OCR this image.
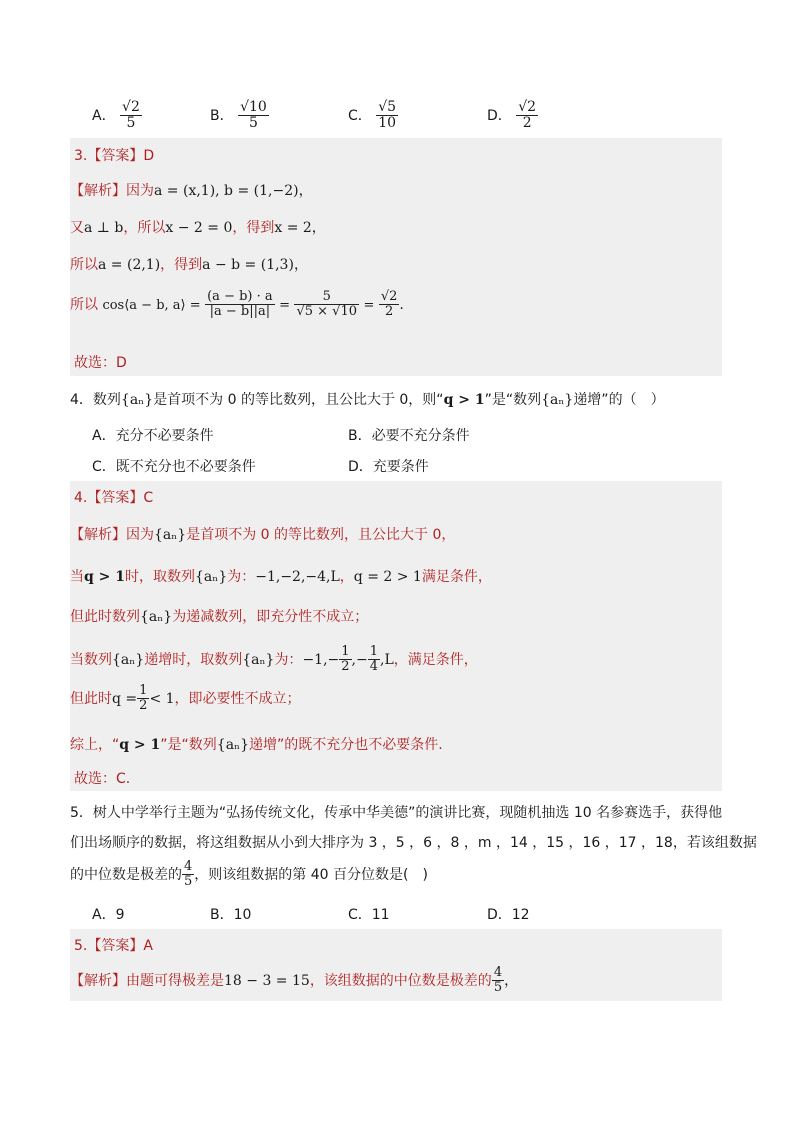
A． $\frac{√2}{5}$	B． $\frac{√10}{5}$	C． $\frac{√5}{10}$	D． $\frac{√2}{2}$
3.【答案】D
【解析】因为a = (x,1), b = (1,−2)，
又a ⊥ b，所以x − 2 = 0，得到x = 2，
所以a = (2,1)，得到a − b = (1,3)，
所以 cos⟨a − b, a⟩ = $\frac{(a - b) \cdot a}{|a - b||a|} = \frac{5}{√5 \times √10} = \frac{√2}{2}$ .
故选：D
4．数列{aₙ}是首项不为 0 的等比数列，且公比大于 0，则“q > 1”是“数列{aₙ}递增”的（　）
A．充分不必要条件	B．必要不充分条件
C．既不充分也不必要条件	D．充要条件
4.【答案】C
【解析】因为{aₙ}是首项不为 0 的等比数列，且公比大于 0，
当q > 1时，取数列{aₙ}为：−1,−2,−4,L，q = 2 > 1满足条件，
但此时数列{aₙ}为递减数列，即充分性不成立；
当数列{aₙ}递增时，取数列{aₙ}为：$-1,- \frac{1}{2}$ ,− $\frac{1}{4} ,L$，满足条件，
但此时$q = \frac{1}{2} < 1$，即必要性不成立；
综上，“q > 1”是“数列{aₙ}递增”的既不充分也不必要条件.
故选：C.
5．树人中学举行主题为“弘扬传统文化，传承中华美德”的演讲比赛，现随机抽选 10 名参赛选手，获得他
们出场顺序的数据，将这组数据从小到大排序为 3 ，5 ，6 ，8 ，m ，14 ，15 ，16 ，17 ，18，若该组数据
的中位数是极差的 $\frac{4}{5}$ ，则该组数据的第 40 百分位数是(　)
A．9	B．10	C．11	D．12
5.【答案】A
【解析】由题可得极差是18 − 3 = 15，该组数据的中位数是极差的 $\frac{4}{5}$ ，
